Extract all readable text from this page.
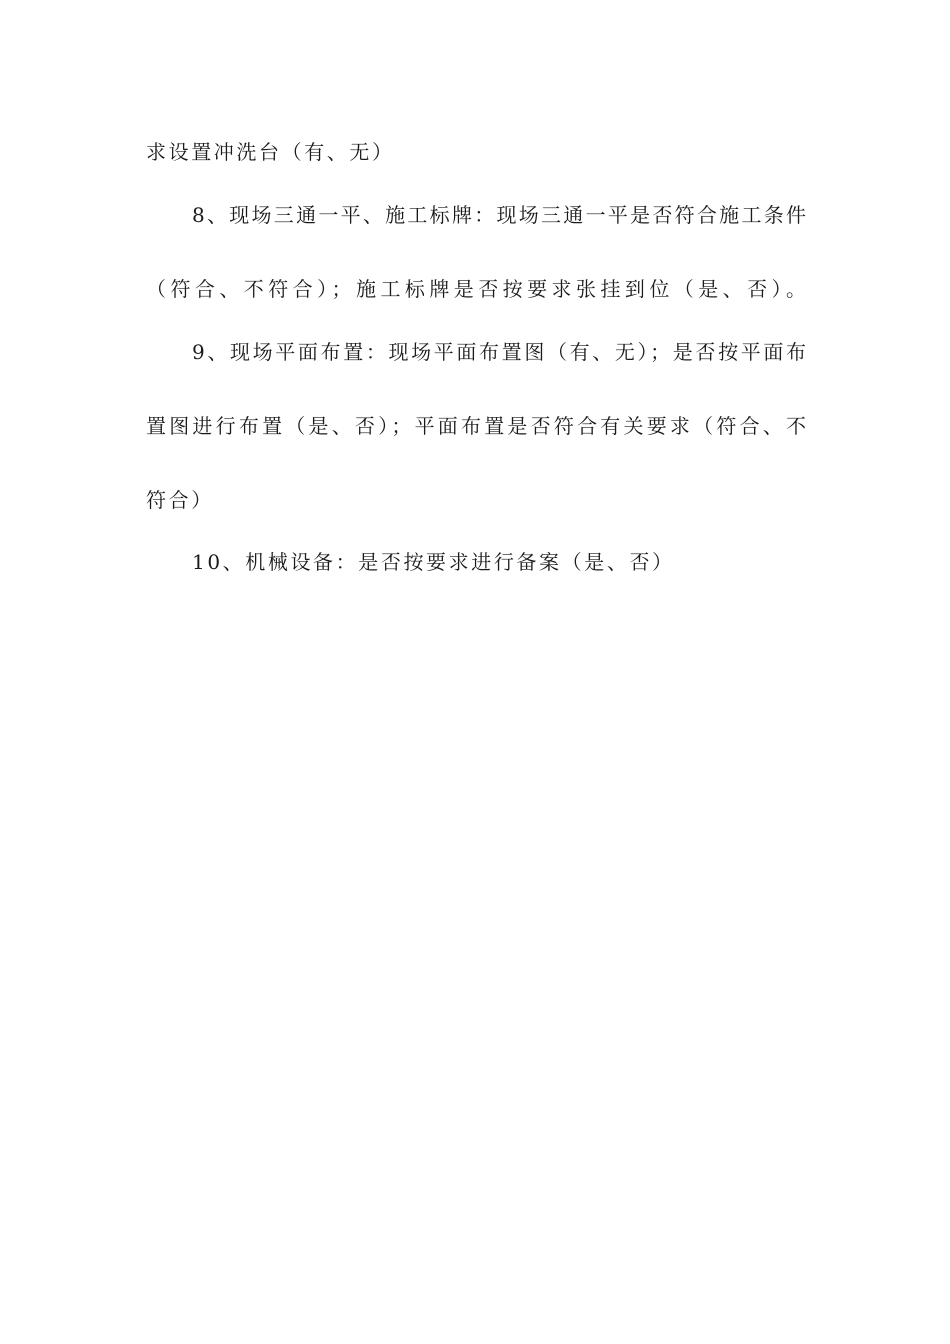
求设置冲洗台（有、无）
8、现场三通一平、施工标牌：现场三通一平是否符合施工条件
（符合、不符合）；施工标牌是否按要求张挂到位（是、否）。
9、现场平面布置：现场平面布置图（有、无）；是否按平面布
置图进行布置（是、否）；平面布置是否符合有关要求（符合、不
符合）
10、机械设备：是否按要求进行备案（是、否）
